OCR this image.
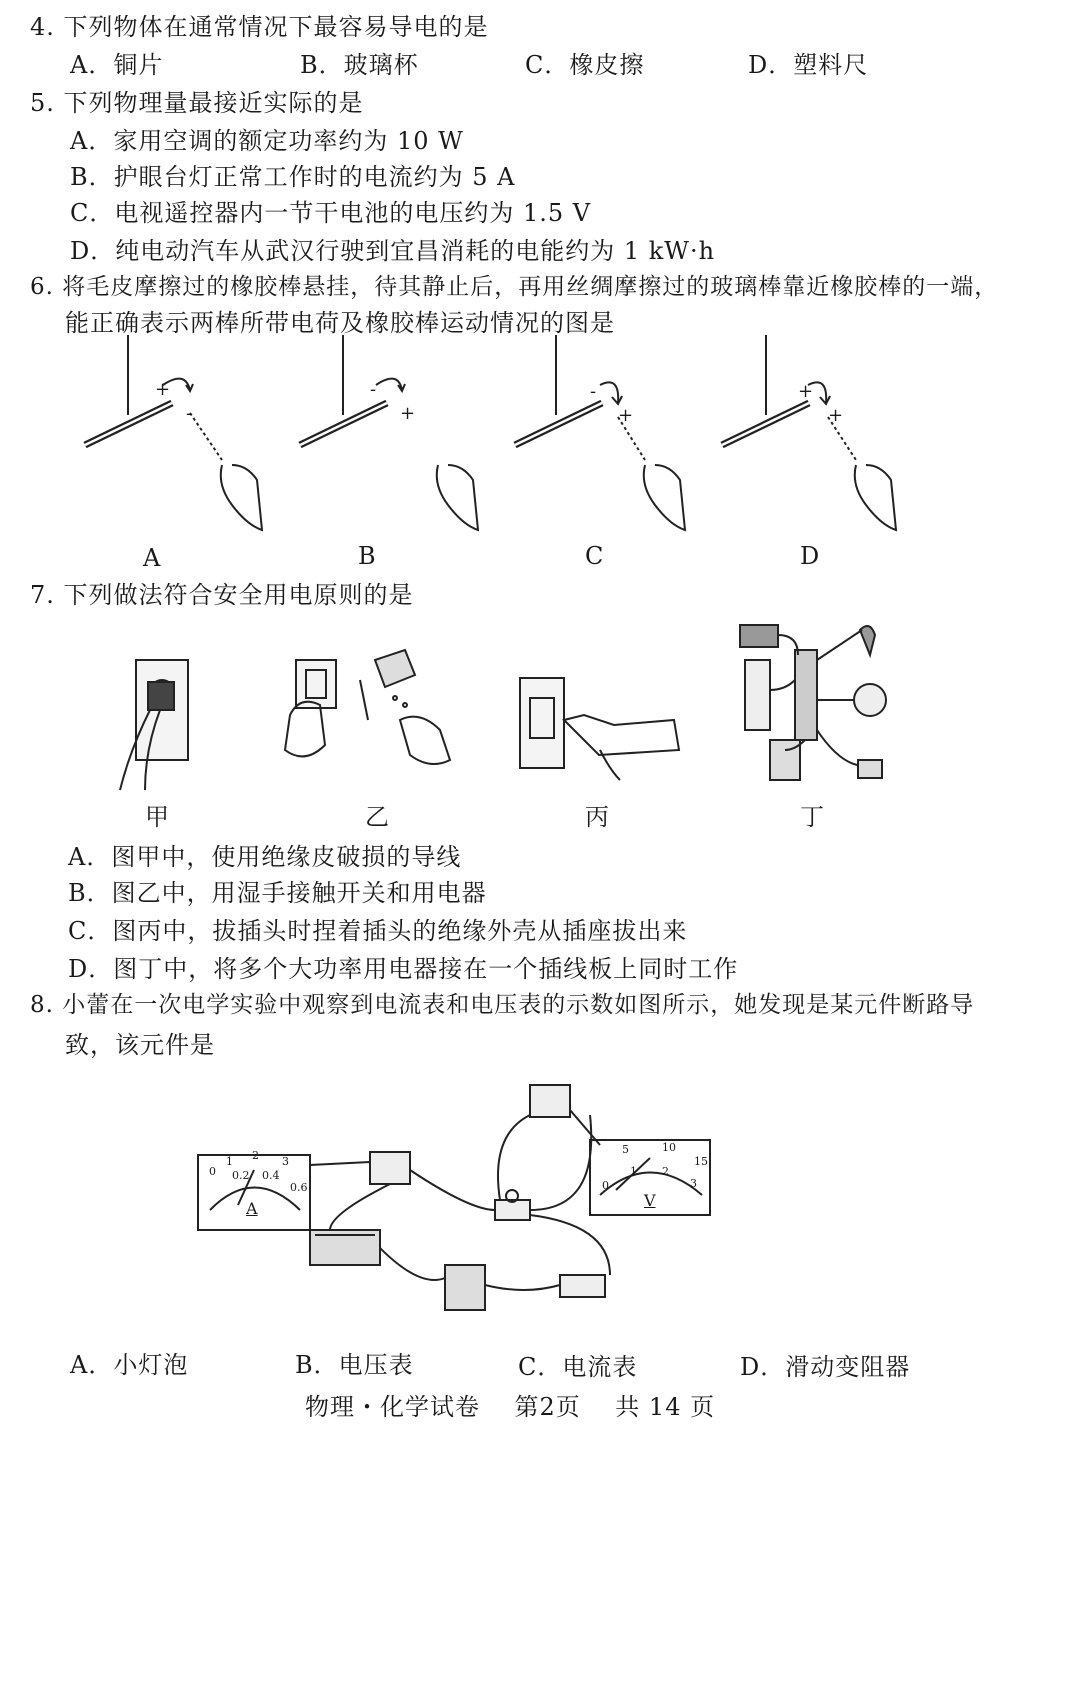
4. 下列物体在通常情况下最容易导电的是
A．铜片	B．玻璃杯	C．橡皮擦	D．塑料尺
5. 下列物理量最接近实际的是
A．家用空调的额定功率约为 10 W
B．护眼台灯正常工作时的电流约为 5 A
C．电视遥控器内一节干电池的电压约为 1.5 V
D．纯电动汽车从武汉行驶到宜昌消耗的电能约为 1 kW·h
6. 将毛皮摩擦过的橡胶棒悬挂，待其静止后，再用丝绸摩擦过的玻璃棒靠近橡胶棒的一端，
能正确表示两棒所带电荷及橡胶棒运动情况的图是
+
-
-
+
-
+
+
+
A	B	C	D
7. 下列做法符合安全用电原则的是
甲	乙	丙	丁
A．图甲中，使用绝缘皮破损的导线
B．图乙中，用湿手接触开关和用电器
C．图丙中，拔插头时捏着插头的绝缘外壳从插座拔出来
D．图丁中，将多个大功率用电器接在一个插线板上同时工作
8. 小蕾在一次电学实验中观察到电流表和电压表的示数如图所示，她发现是某元件断路导
致，该元件是
0 0.2 0.4
0.6
1 2 3
A
0
1 2
3
5	10
15
V
A．小灯泡	B．电压表	C．电流表	D．滑动变阻器
物理・化学试卷    第2页    共 14 页
